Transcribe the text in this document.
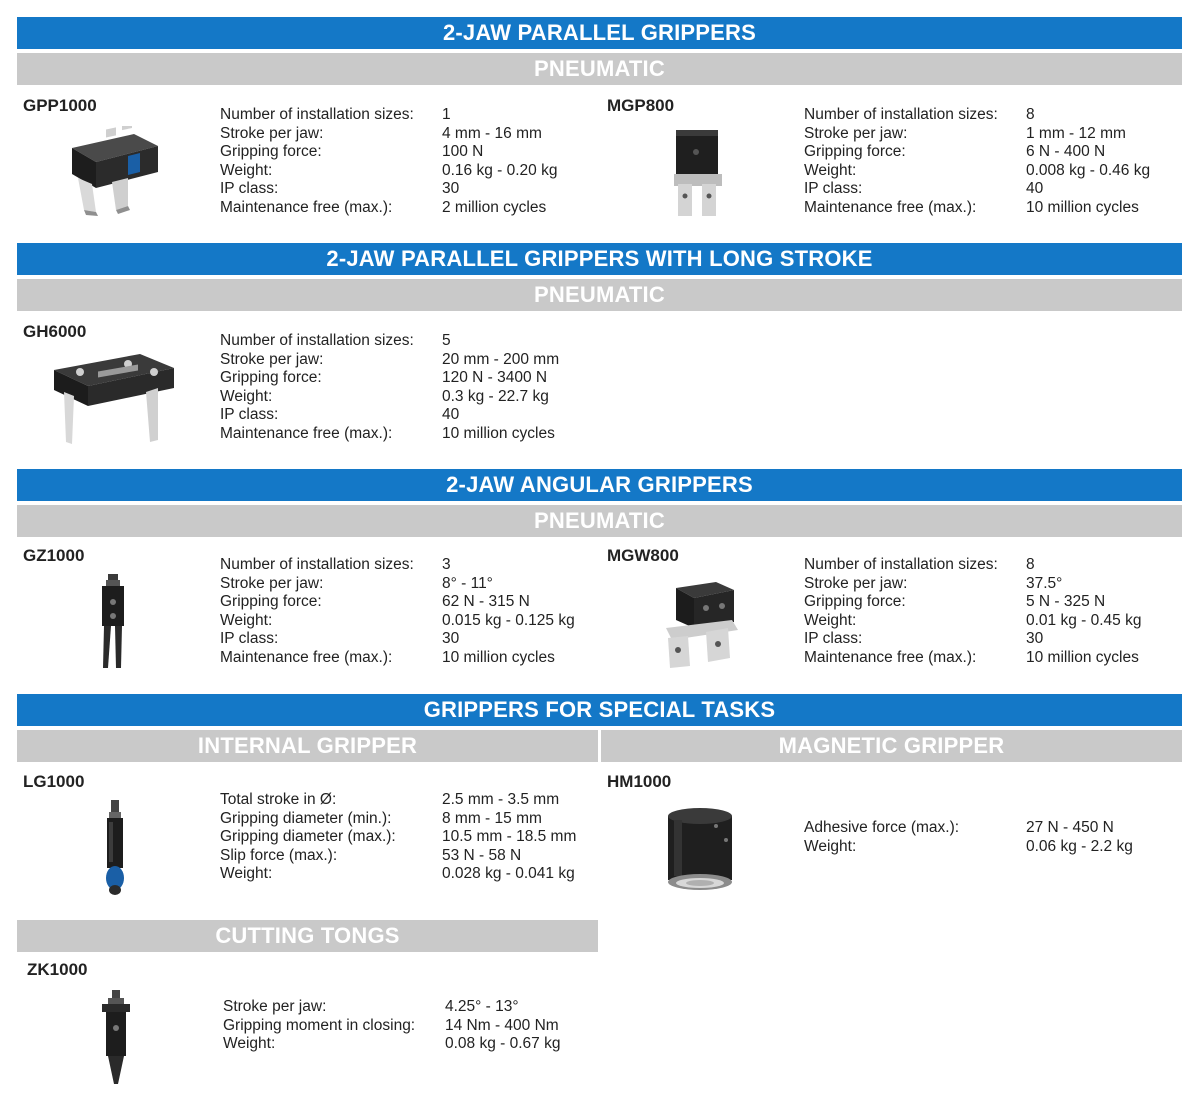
2-JAW PARALLEL GRIPPERS
PNEUMATIC
GPP1000	Number of installation sizes:	1
Stroke per jaw:	4 mm - 16 mm
Gripping force:	100 N
Weight:	0.16 kg - 0.20 kg
IP class:	30
Maintenance free (max.):	2 million cycles
MGP800	Number of installation sizes:	8
Stroke per jaw:	1 mm - 12 mm
Gripping force:	6 N - 400 N
Weight:	0.008 kg - 0.46 kg
IP class:	40
Maintenance free (max.):	10 million cycles
2-JAW PARALLEL GRIPPERS WITH LONG STROKE
PNEUMATIC
GH6000	Number of installation sizes:	5
Stroke per jaw:	20 mm - 200 mm
Gripping force:	120 N - 3400 N
Weight:	0.3 kg - 22.7 kg
IP class:	40
Maintenance free (max.):	10 million cycles
2-JAW ANGULAR GRIPPERS
PNEUMATIC
GZ1000	Number of installation sizes:	3
Stroke per jaw:	8° - 11°
Gripping force:	62 N - 315 N
Weight:	0.015 kg - 0.125 kg
IP class:	30
Maintenance free (max.):	10 million cycles
MGW800	Number of installation sizes:	8
Stroke per jaw:	37.5°
Gripping force:	5 N - 325 N
Weight:	0.01 kg - 0.45 kg
IP class:	30
Maintenance free (max.):	10 million cycles
GRIPPERS FOR SPECIAL TASKS
INTERNAL GRIPPER	MAGNETIC GRIPPER
LG1000
Total stroke in Ø:	2.5 mm - 3.5 mm
Gripping diameter (min.):	8 mm - 15 mm
Gripping diameter (max.):	10.5 mm - 18.5 mm
Slip force (max.):	53 N - 58 N
Weight:	0.028 kg - 0.041 kg
HM1000
Adhesive force (max.):	27 N - 450 N
Weight:	0.06 kg - 2.2 kg
CUTTING TONGS
ZK1000
Stroke per jaw:	4.25° - 13°
Gripping moment in closing:	14 Nm - 400 Nm
Weight:	0.08 kg - 0.67 kg
